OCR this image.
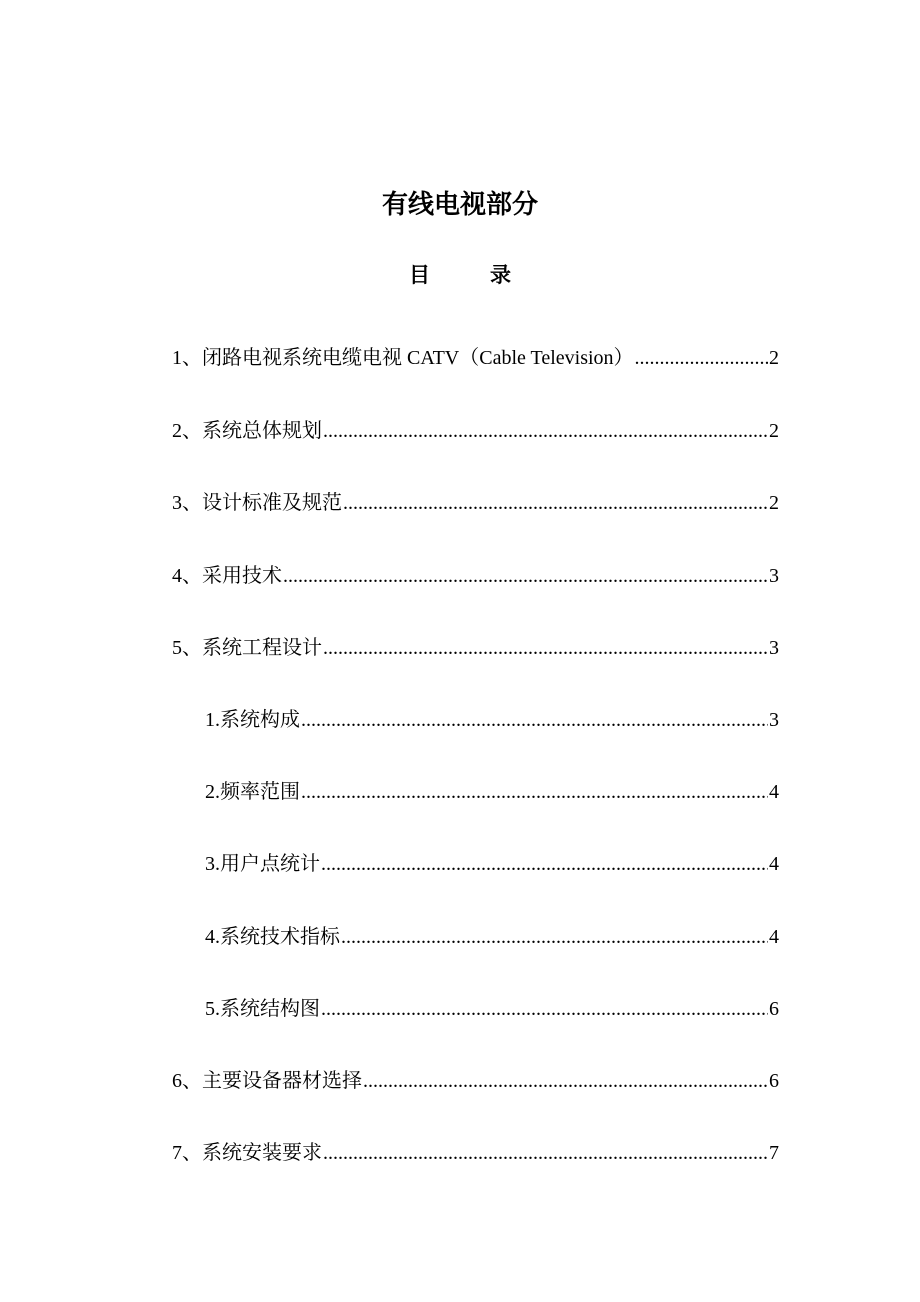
有线电视部分
目	录
1、 闭路电视系统电缆电视 CATV（Cable Television） .....	2
2、 系统总体规划 .....	2
3、 设计标准及规范 .....	2
4、 采用技术 .....	3
5、 系统工程设计 .....	3
1. 系统构成 .....	3
2. 频率范围 .....	4
3. 用户点统计 .....	4
4. 系统技术指标 .....	4
5. 系统结构图 .....	6
6、 主要设备器材选择 .....	6
7、 系统安装要求 .....	7
